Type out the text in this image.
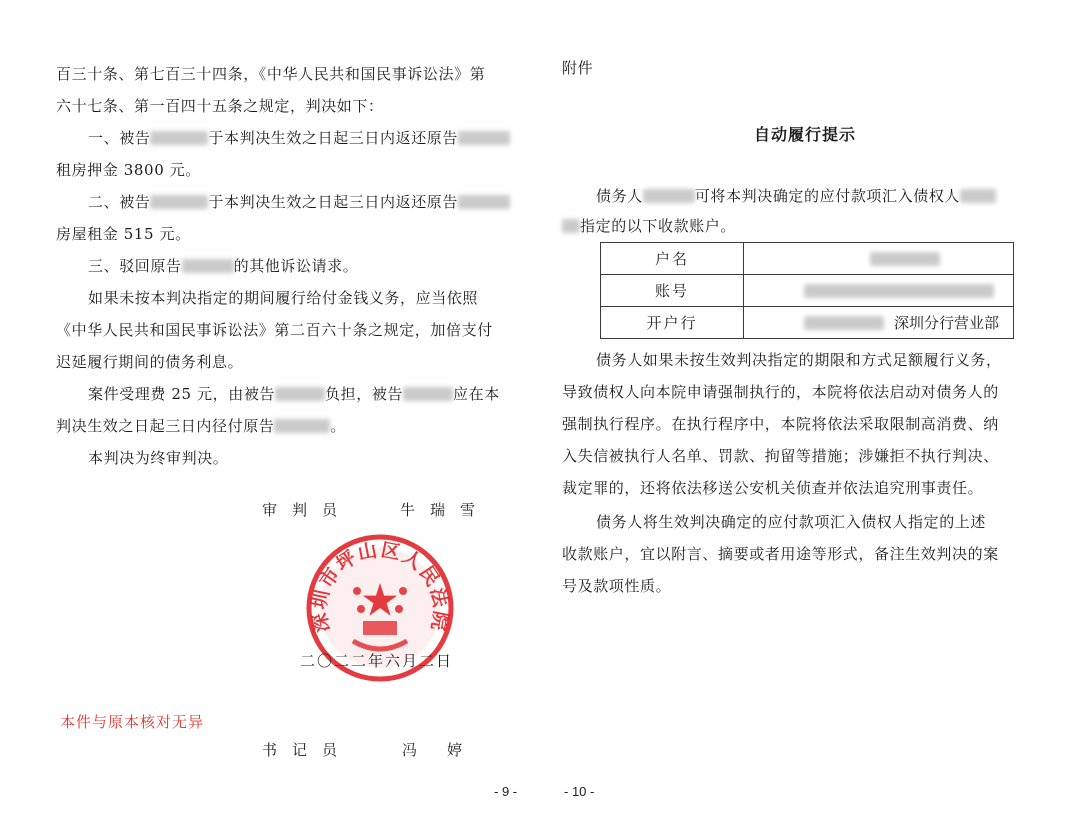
百三十条、第七百三十四条，《中华人民共和国民事诉讼法》第
六十七条、第一百四十五条之规定，判决如下：
一、被告	于本判决生效之日起三日内返还原告
租房押金 3800 元。
二、被告	于本判决生效之日起三日内返还原告
房屋租金 515 元。
三、驳回原告	的其他诉讼请求。
如果未按本判决指定的期间履行给付金钱义务，应当依照
《中华人民共和国民事诉讼法》第二百六十条之规定，加倍支付
迟延履行期间的债务利息。
案件受理费 25 元，由被告	负担，被告	应在本
判决生效之日起三日内径付原告	。
本判决为终审判决。
审　判　员	牛　瑞　雪
深圳市坪山区人民法院
二〇二二年六月二日
本件与原本核对无异
书　记　员	冯　　婷
- 9 -
附件
自动履行提示
债务人	可将本判决确定的应付款项汇入债权人
指定的以下收款账户。
户名	
账号	
开户行	深圳分行营业部
债务人如果未按生效判决指定的期限和方式足额履行义务，
导致债权人向本院申请强制执行的，本院将依法启动对债务人的
强制执行程序。在执行程序中，本院将依法采取限制高消费、纳
入失信被执行人名单、罚款、拘留等措施；涉嫌拒不执行判决、
裁定罪的，还将依法移送公安机关侦查并依法追究刑事责任。
债务人将生效判决确定的应付款项汇入债权人指定的上述
收款账户，宜以附言、摘要或者用途等形式，备注生效判决的案
号及款项性质。
- 10 -
